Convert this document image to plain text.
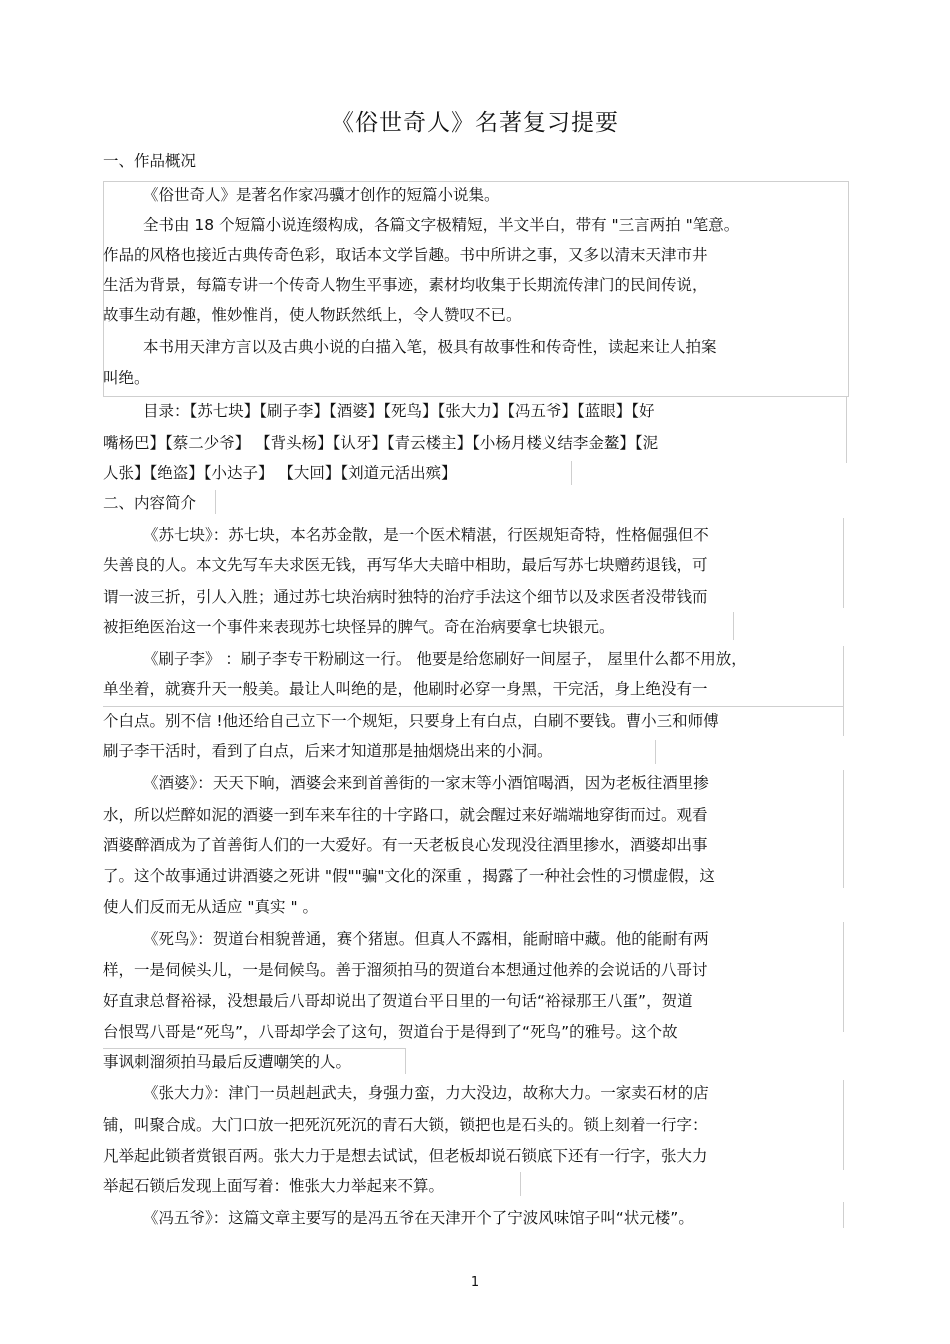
《俗世奇人》名著复习提要
一、作品概况
《俗世奇人》是著名作家冯骥才创作的短篇小说集。
全书由 18 个短篇小说连缀构成，各篇文字极精短，半文半白，带有 "三言两拍 "笔意。
作品的风格也接近古典传奇色彩，取话本文学旨趣。书中所讲之事，又多以清末天津市井
生活为背景，每篇专讲一个传奇人物生平事迹，素材均收集于长期流传津门的民间传说，
故事生动有趣，惟妙惟肖，使人物跃然纸上，令人赞叹不已。
本书用天津方言以及古典小说的白描入笔，极具有故事性和传奇性，读起来让人拍案
叫绝。
目录：【苏七块】【刷子李】【酒婆】【死鸟】【张大力】【冯五爷】【蓝眼】【好
嘴杨巴】【蔡二少爷】 【背头杨】【认牙】【青云楼主】【小杨月楼义结李金鳌】【泥
人张】【绝盗】【小达子】 【大回】【刘道元活出殡】
二、内容简介
《苏七块》：苏七块，本名苏金散，是一个医术精湛，行医规矩奇特，性格倔强但不
失善良的人。本文先写车夫求医无钱，再写华大夫暗中相助，最后写苏七块赠药退钱，可
谓一波三折，引人入胜；通过苏七块治病时独特的治疗手法这个细节以及求医者没带钱而
被拒绝医治这一个事件来表现苏七块怪异的脾气。奇在治病要拿七块银元。
《刷子李》 ：刷子李专干粉刷这一行。 他要是给您刷好一间屋子， 屋里什么都不用放，
单坐着，就赛升天一般美。最让人叫绝的是，他刷时必穿一身黑，干完活，身上绝没有一
个白点。别不信 !他还给自己立下一个规矩，只要身上有白点，白刷不要钱。曹小三和师傅
刷子李干活时，看到了白点，后来才知道那是抽烟烧出来的小洞。
《酒婆》：天天下晌，酒婆会来到首善街的一家末等小酒馆喝酒，因为老板往酒里掺
水，所以烂醉如泥的酒婆一到车来车往的十字路口，就会醒过来好端端地穿街而过。观看
酒婆醉酒成为了首善街人们的一大爱好。有一天老板良心发现没往酒里掺水，酒婆却出事
了。这个故事通过讲酒婆之死讲 "假""骗"文化的深重 ，揭露了一种社会性的习惯虚假，这
使人们反而无从适应 "真实 " 。
《死鸟》：贺道台相貌普通，赛个猪崽。但真人不露相，能耐暗中藏。他的能耐有两
样，一是伺候头儿，一是伺候鸟。善于溜须拍马的贺道台本想通过他养的会说话的八哥讨
好直隶总督裕禄，没想最后八哥却说出了贺道台平日里的一句话“裕禄那王八蛋”，贺道
台恨骂八哥是“死鸟”，八哥却学会了这句，贺道台于是得到了“死鸟”的雅号。这个故
事讽刺溜须拍马最后反遭嘲笑的人。
《张大力》：津门一员赳赳武夫，身强力蛮，力大没边，故称大力。一家卖石材的店
铺，叫聚合成。大门口放一把死沉死沉的青石大锁，锁把也是石头的。锁上刻着一行字：
凡举起此锁者赏银百两。张大力于是想去试试，但老板却说石锁底下还有一行字，张大力
举起石锁后发现上面写着：惟张大力举起来不算。
《冯五爷》：这篇文章主要写的是冯五爷在天津开个了宁波风味馆子叫“状元楼”。
1
